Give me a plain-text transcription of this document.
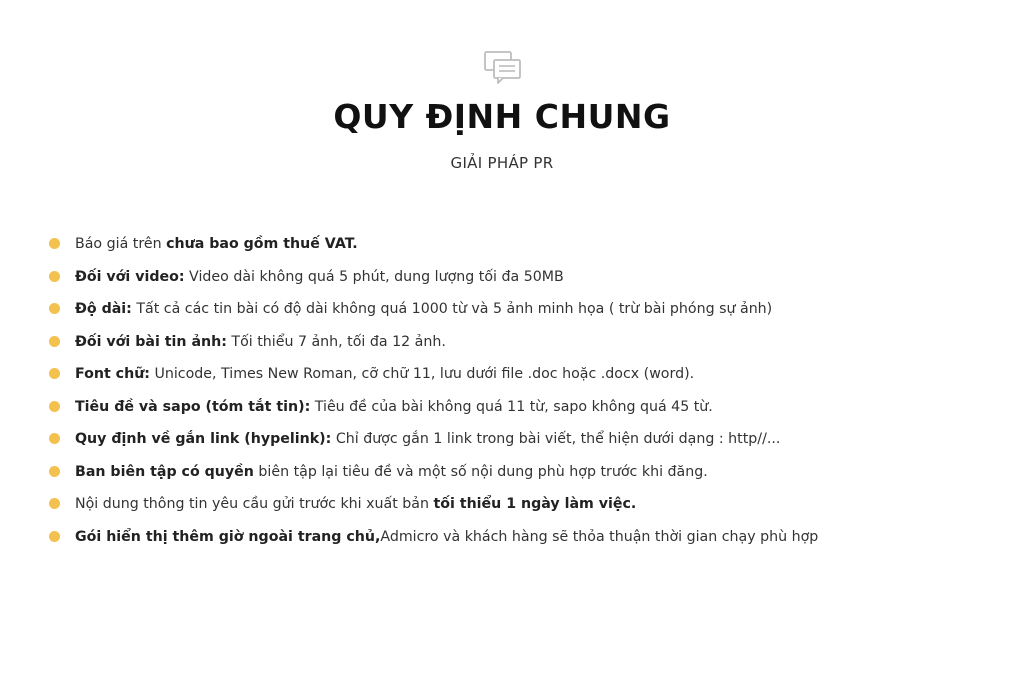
QUY ĐỊNH CHUNG
GIẢI PHÁP PR
Báo giá trên chưa bao gồm thuế VAT.
Đối với video: Video dài không quá 5 phút, dung lượng tối đa 50MB
Độ dài: Tất cả các tin bài có độ dài không quá 1000 từ và 5 ảnh minh họa ( trừ bài phóng sự ảnh)
Đối với bài tin ảnh: Tối thiểu 7 ảnh, tối đa 12 ảnh.
Font chữ: Unicode, Times New Roman, cỡ chữ 11, lưu dưới file .doc hoặc .docx (word).
Tiêu đề và sapo (tóm tắt tin): Tiêu đề của bài không quá 11 từ, sapo không quá 45 từ.
Quy định về gắn link (hypelink): Chỉ được gắn 1 link trong bài viết, thể hiện dưới dạng : http//...
Ban biên tập có quyền biên tập lại tiêu đề và một số nội dung phù hợp trước khi đăng.
Nội dung thông tin yêu cầu gửi trước khi xuất bản tối thiểu 1 ngày làm việc.
Gói hiển thị thêm giờ ngoài trang chủ,Admicro và khách hàng sẽ thỏa thuận thời gian chạy phù hợp
